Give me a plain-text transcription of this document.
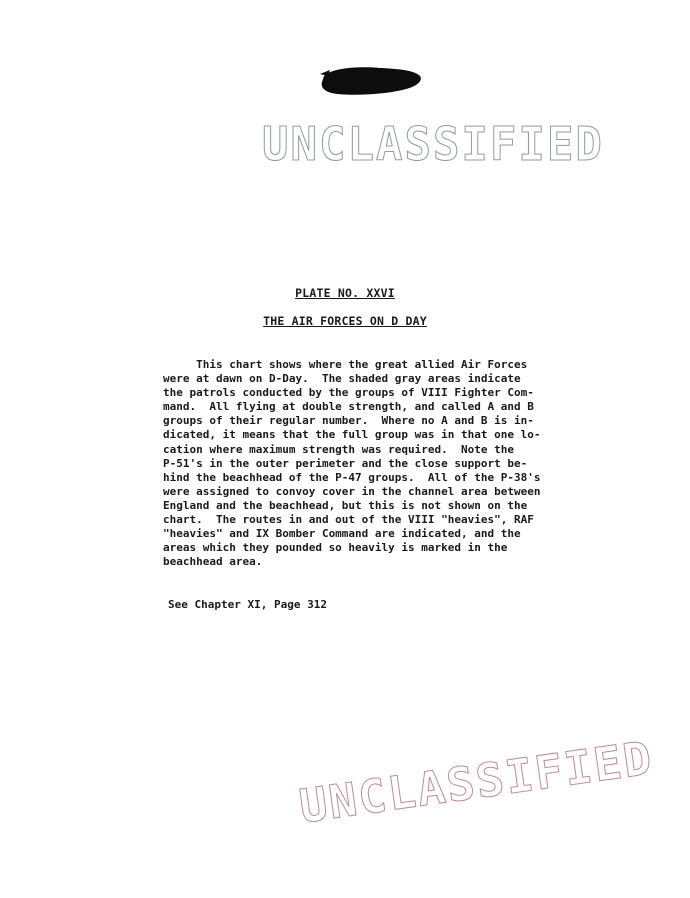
UNCLASSIFIED
PLATE NO. XXVI
THE AIR FORCES ON D DAY
This chart shows where the great allied Air Forces
were at dawn on D-Day.  The shaded gray areas indicate
the patrols conducted by the groups of VIII Fighter Com-
mand.  All flying at double strength, and called A and B
groups of their regular number.  Where no A and B is in-
dicated, it means that the full group was in that one lo-
cation where maximum strength was required.  Note the
P-51's in the outer perimeter and the close support be-
hind the beachhead of the P-47 groups.  All of the P-38's
were assigned to convoy cover in the channel area between
England and the beachhead, but this is not shown on the
chart.  The routes in and out of the VIII "heavies", RAF
"heavies" and IX Bomber Command are indicated, and the
areas which they pounded so heavily is marked in the
beachhead area.
See Chapter XI, Page 312
UNCLASSIFIED
